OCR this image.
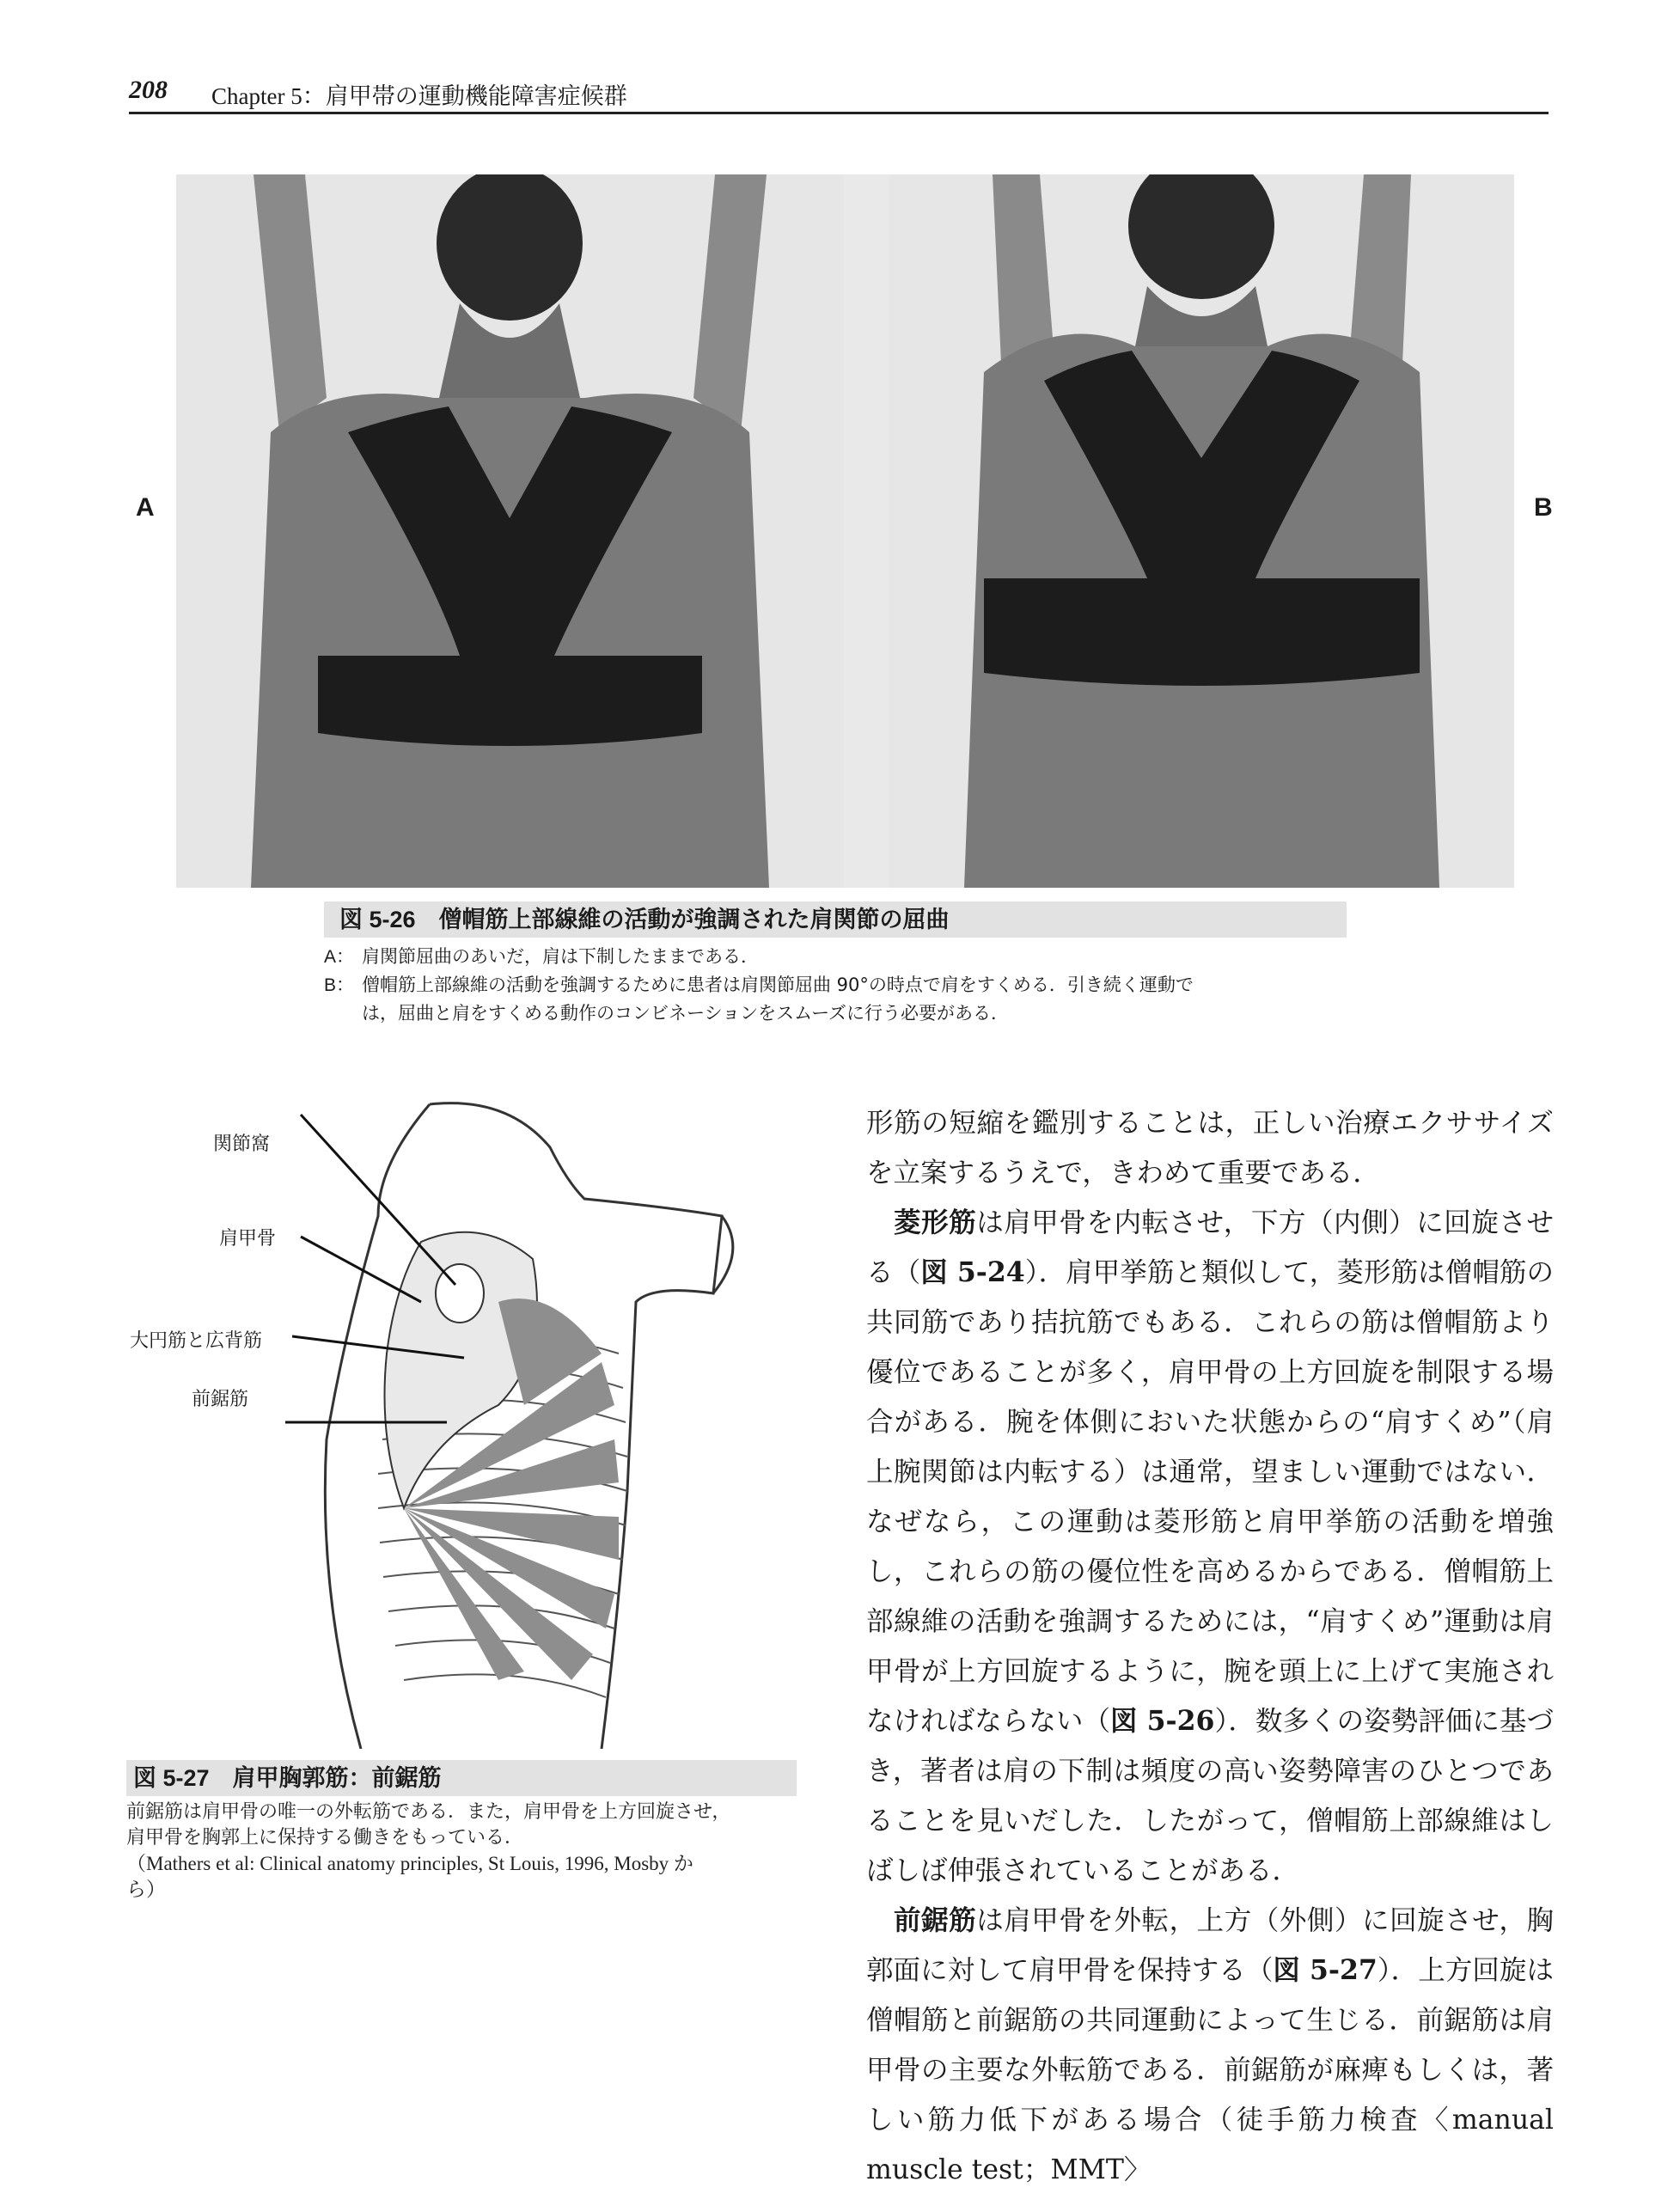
208 Chapter 5：肩甲帯の運動機能障害症候群
A	B
図 5-26　僧帽筋上部線維の活動が強調された肩関節の屈曲
A： 肩関節屈曲のあいだ，肩は下制したままである．
B： 僧帽筋上部線維の活動を強調するために患者は肩関節屈曲 90°の時点で肩をすくめる．引き続く運動で
は，屈曲と肩をすくめる動作のコンビネーションをスムーズに行う必要がある．
関節窩
肩甲骨
大円筋と広背筋
前鋸筋
図 5-27　肩甲胸郭筋：前鋸筋
前鋸筋は肩甲骨の唯一の外転筋である．また，肩甲骨を上方回旋させ，
肩甲骨を胸郭上に保持する働きをもっている．
（Mathers et al: Clinical anatomy principles, St Louis, 1996, Mosby か
ら）

形筋の短縮を鑑別することは，正しい治療エクササイズを立案するうえで，きわめて重要である．

菱形筋は肩甲骨を内転させ，下方（内側）に回旋させる（図 5-24）．肩甲挙筋と類似して，菱形筋は僧帽筋の共同筋であり拮抗筋でもある．これらの筋は僧帽筋より優位であることが多く，肩甲骨の上方回旋を制限する場合がある．腕を体側においた状態からの“肩すくめ”（肩上腕関節は内転する）は通常，望ましい運動ではない．なぜなら，この運動は菱形筋と肩甲挙筋の活動を増強し，これらの筋の優位性を高めるからである．僧帽筋上部線維の活動を強調するためには，“肩すくめ”運動は肩甲骨が上方回旋するように，腕を頭上に上げて実施されなければならない（図 5-26）．数多くの姿勢評価に基づき，著者は肩の下制は頻度の高い姿勢障害のひとつであることを見いだした．したがって，僧帽筋上部線維はしばしば伸張されていることがある．

前鋸筋は肩甲骨を外転，上方（外側）に回旋させ，胸郭面に対して肩甲骨を保持する（図 5-27）．上方回旋は僧帽筋と前鋸筋の共同運動によって生じる．前鋸筋は肩甲骨の主要な外転筋である．前鋸筋が麻痺もしくは，著しい筋力低下がある場合（徒手筋力検査〈manual muscle test；MMT〉
